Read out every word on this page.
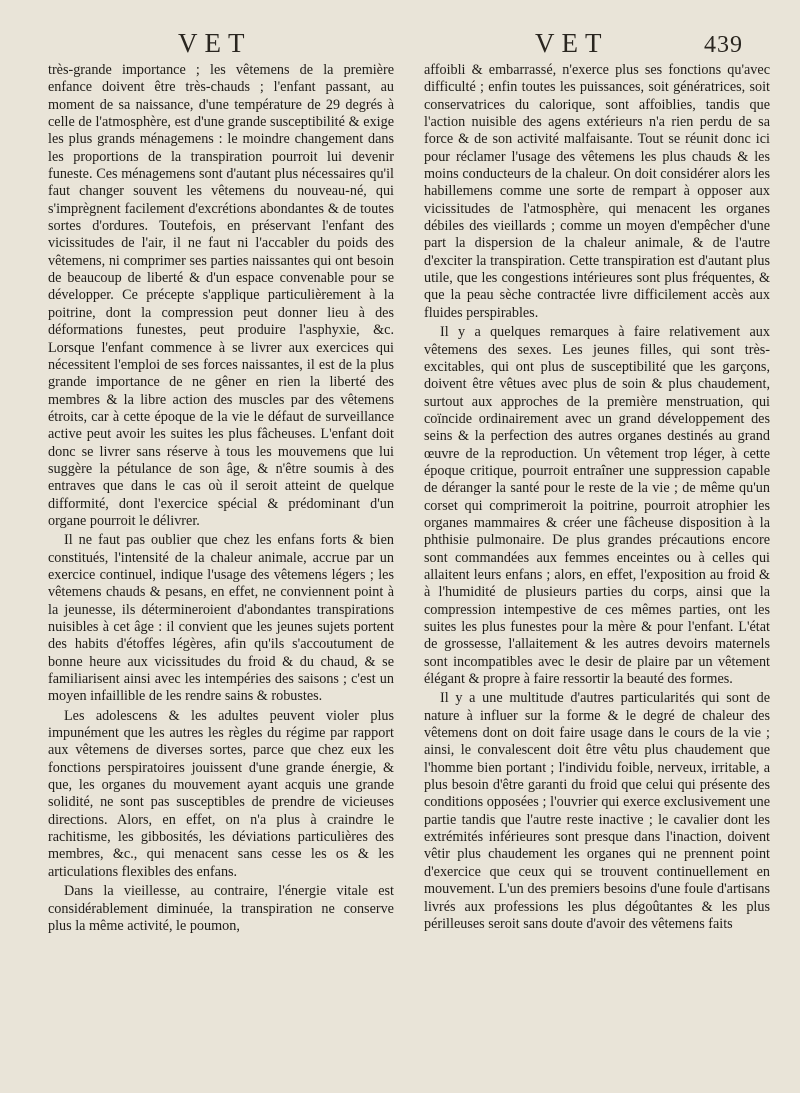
VET	VET	439

très-grande importance ; les vêtemens de la première enfance doivent être très-chauds ; l'enfant passant, au moment de sa naissance, d'une température de 29 degrés à celle de l'atmosphère, est d'une grande susceptibilité & exige les plus grands ménagemens : le moindre changement dans les proportions de la transpiration pourroit lui devenir funeste. Ces ménagemens sont d'autant plus nécessaires qu'il faut changer souvent les vêtemens du nouveau-né, qui s'imprègnent facilement d'excrétions abondantes & de toutes sortes d'ordures. Toutefois, en préservant l'enfant des vicissitudes de l'air, il ne faut ni l'accabler du poids des vêtemens, ni comprimer ses parties naissantes qui ont besoin de beaucoup de liberté & d'un espace convenable pour se développer. Ce précepte s'applique particulièrement à la poitrine, dont la compression peut donner lieu à des déformations funestes, peut produire l'asphyxie, &c. Lorsque l'enfant commence à se livrer aux exercices qui nécessitent l'emploi de ses forces naissantes, il est de la plus grande importance de ne gêner en rien la liberté des membres & la libre action des muscles par des vêtemens étroits, car à cette époque de la vie le défaut de surveillance active peut avoir les suites les plus fâcheuses. L'enfant doit donc se livrer sans réserve à tous les mouvemens que lui suggère la pétulance de son âge, & n'être soumis à des entraves que dans le cas où il seroit atteint de quelque difformité, dont l'exercice spécial & prédominant d'un organe pourroit le délivrer.

Il ne faut pas oublier que chez les enfans forts & bien constitués, l'intensité de la chaleur animale, accrue par un exercice continuel, indique l'usage des vêtemens légers ; les vêtemens chauds & pesans, en effet, ne conviennent point à la jeunesse, ils détermineroient d'abondantes transpirations nuisibles à cet âge : il convient que les jeunes sujets portent des habits d'étoffes légères, afin qu'ils s'accoutument de bonne heure aux vicissitudes du froid & du chaud, & se familiarisent ainsi avec les intempéries des saisons ; c'est un moyen infaillible de les rendre sains & robustes.

Les adolescens & les adultes peuvent violer plus impunément que les autres les règles du régime par rapport aux vêtemens de diverses sortes, parce que chez eux les fonctions perspiratoires jouissent d'une grande énergie, & que, les organes du mouvement ayant acquis une grande solidité, ne sont pas susceptibles de prendre de vicieuses directions. Alors, en effet, on n'a plus à craindre le rachitisme, les gibbosités, les déviations particulières des membres, &c., qui menacent sans cesse les os & les articulations flexibles des enfans.

Dans la vieillesse, au contraire, l'énergie vitale est considérablement diminuée, la transpiration ne conserve plus la même activité, le poumon,

affoibli & embarrassé, n'exerce plus ses fonctions qu'avec difficulté ; enfin toutes les puissances, soit génératrices, soit conservatrices du calorique, sont affoiblies, tandis que l'action nuisible des agens extérieurs n'a rien perdu de sa force & de son activité malfaisante. Tout se réunit donc ici pour réclamer l'usage des vêtemens les plus chauds & les moins conducteurs de la chaleur. On doit considérer alors les habillemens comme une sorte de rempart à opposer aux vicissitudes de l'atmosphère, qui menacent les organes débiles des vieillards ; comme un moyen d'empêcher d'une part la dispersion de la chaleur animale, & de l'autre d'exciter la transpiration. Cette transpiration est d'autant plus utile, que les congestions intérieures sont plus fréquentes, & que la peau sèche contractée livre difficilement accès aux fluides perspirables.

Il y a quelques remarques à faire relativement aux vêtemens des sexes. Les jeunes filles, qui sont très-excitables, qui ont plus de susceptibilité que les garçons, doivent être vêtues avec plus de soin & plus chaudement, surtout aux approches de la première menstruation, qui coïncide ordinairement avec un grand développement des seins & la perfection des autres organes destinés au grand œuvre de la reproduction. Un vêtement trop léger, à cette époque critique, pourroit entraîner une suppression capable de déranger la santé pour le reste de la vie ; de même qu'un corset qui comprimeroit la poitrine, pourroit atrophier les organes mammaires & créer une fâcheuse disposition à la phthisie pulmonaire. De plus grandes précautions encore sont commandées aux femmes enceintes ou à celles qui allaitent leurs enfans ; alors, en effet, l'exposition au froid & à l'humidité de plusieurs parties du corps, ainsi que la compression intempestive de ces mêmes parties, ont les suites les plus funestes pour la mère & pour l'enfant. L'état de grossesse, l'allaitement & les autres devoirs maternels sont incompatibles avec le desir de plaire par un vêtement élégant & propre à faire ressortir la beauté des formes.

Il y a une multitude d'autres particularités qui sont de nature à influer sur la forme & le degré de chaleur des vêtemens dont on doit faire usage dans le cours de la vie ; ainsi, le convalescent doit être vêtu plus chaudement que l'homme bien portant ; l'individu foible, nerveux, irritable, a plus besoin d'être garanti du froid que celui qui présente des conditions opposées ; l'ouvrier qui exerce exclusivement une partie tandis que l'autre reste inactive ; le cavalier dont les extrémités inférieures sont presque dans l'inaction, doivent vêtir plus chaudement les organes qui ne prennent point d'exercice que ceux qui se trouvent continuellement en mouvement. L'un des premiers besoins d'une foule d'artisans livrés aux professions les plus dégoûtantes & les plus périlleuses seroit sans doute d'avoir des vêtemens faits
